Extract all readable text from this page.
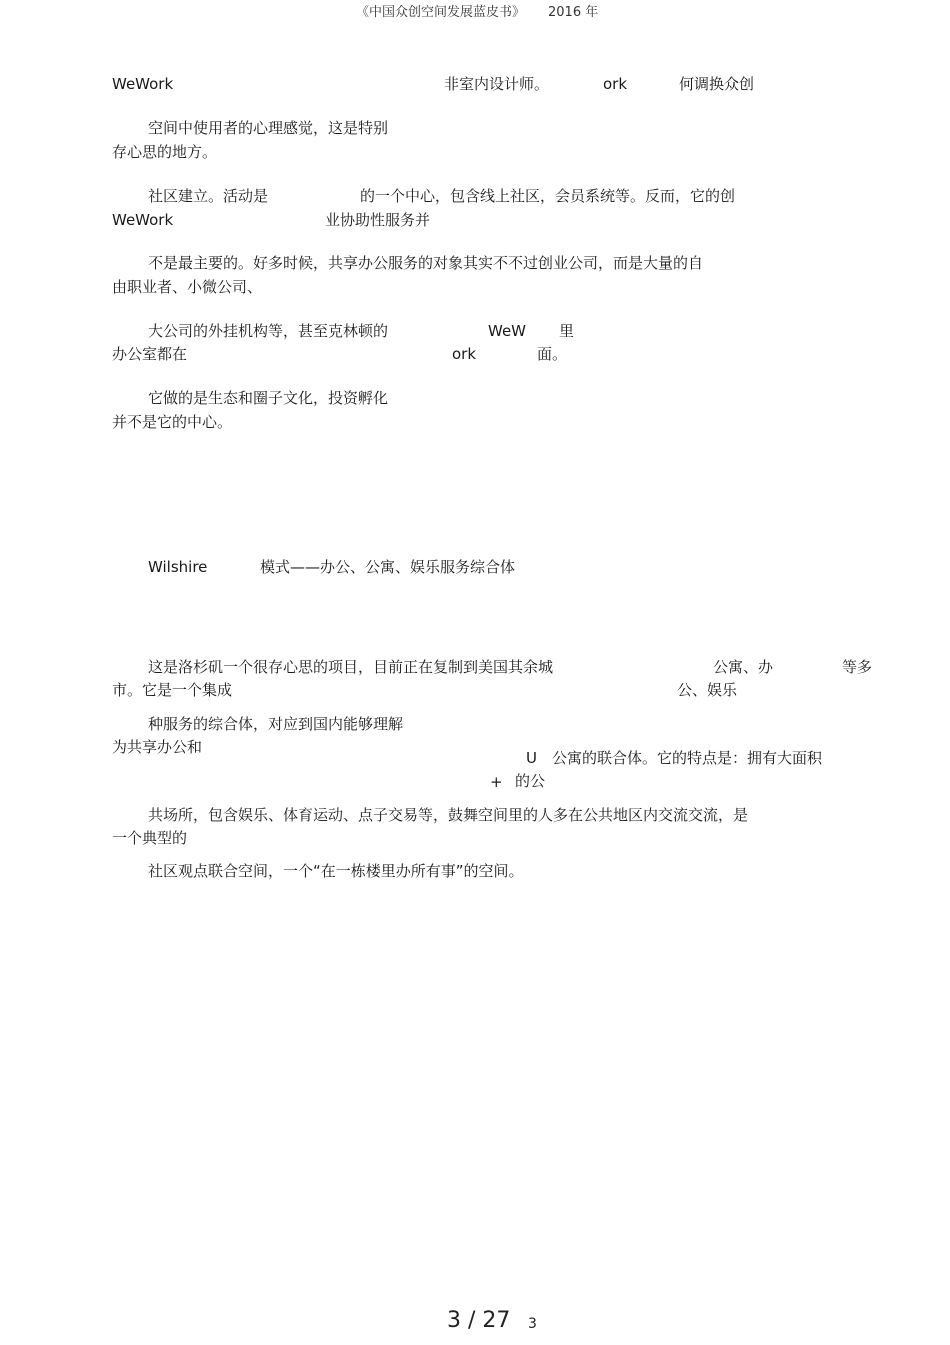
《中国众创空间发展蓝皮书》 2016 年
WeWork	非室内设计师。	ork	何调换众创
空间中使用者的心理感觉，这是特别
存心思的地方。
社区建立。活动是	的一个中心，包含线上社区，会员系统等。反而，它的创
WeWork	业协助性服务并
不是最主要的。好多时候，共享办公服务的对象其实不不过创业公司，而是大量的自
由职业者、小微公司、
大公司的外挂机构等，甚至克林顿的	WeW 里
办公室都在	ork	面。
它做的是生态和圈子文化，投资孵化
并不是它的中心。
Wilshire	模式——办公、公寓、娱乐服务综合体
这是洛杉矶一个很存心思的项目，目前正在复制到美国其余城	公寓、办	等多
市。它是一个集成	公、娱乐
种服务的综合体，对应到国内能够理解
为共享办公和
U 公寓的联合体。它的特点是：拥有大面积
+ 的公
共场所，包含娱乐、体育运动、点子交易等，鼓舞空间里的人多在公共地区内交流交流，是
一个典型的
社区观点联合空间，一个“在一栋楼里办所有事”的空间。
3 / 27 3
